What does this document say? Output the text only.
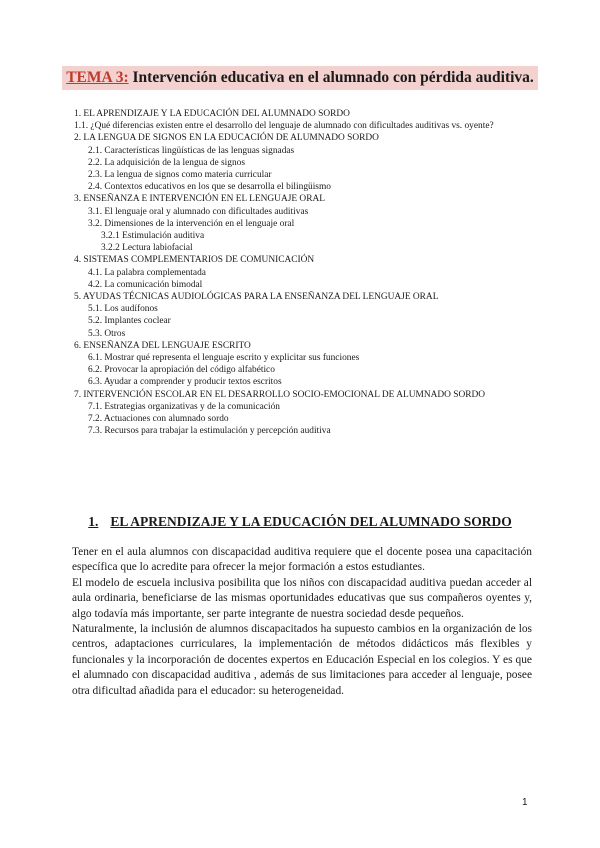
TEMA 3: Intervención educativa en el alumnado con pérdida auditiva.
1. EL APRENDIZAJE Y LA EDUCACIÓN DEL ALUMNADO SORDO
1.1. ¿Qué diferencias existen entre el desarrollo del lenguaje de alumnado con dificultades auditivas vs. oyente?
2. LA LENGUA DE SIGNOS EN LA EDUCACIÓN DE ALUMNADO SORDO
2.1. Características lingüísticas de las lenguas signadas
2.2. La adquisición de la lengua de signos
2.3. La lengua de signos como materia curricular
2.4. Contextos educativos en los que se desarrolla el bilingüismo
3. ENSEÑANZA E INTERVENCIÓN EN EL LENGUAJE ORAL
3.1. El lenguaje oral y alumnado con dificultades auditivas
3.2. Dimensiones de la intervención en el lenguaje oral
3.2.1 Estimulación auditiva
3.2.2 Lectura labiofacial
4. SISTEMAS COMPLEMENTARIOS DE COMUNICACIÓN
4.1. La palabra complementada
4.2. La comunicación bimodal
5. AYUDAS TÉCNICAS AUDIOLÓGICAS PARA LA ENSEÑANZA DEL LENGUAJE ORAL
5.1. Los audífonos
5.2. Implantes coclear
5.3. Otros
6. ENSEÑANZA DEL LENGUAJE ESCRITO
6.1. Mostrar qué representa el lenguaje escrito y explicitar sus funciones
6.2. Provocar la apropiación del código alfabético
6.3. Ayudar a comprender y producir textos escritos
7. INTERVENCIÓN ESCOLAR EN EL DESARROLLO SOCIO-EMOCIONAL DE ALUMNADO SORDO
7.1. Estrategias organizativas y de la comunicación
7.2. Actuaciones con alumnado sordo
7.3. Recursos para trabajar la estimulación y percepción auditiva
1. EL APRENDIZAJE Y LA EDUCACIÓN DEL ALUMNADO SORDO

Tener en el aula alumnos con discapacidad auditiva requiere que el docente posea una capacitación específica que lo acredite para ofrecer la mejor formación a estos estudiantes.

El modelo de escuela inclusiva posibilita que los niños con discapacidad auditiva puedan acceder al aula ordinaria, beneficiarse de las mismas oportunidades educativas que sus compañeros oyentes y, algo todavía más importante, ser parte integrante de nuestra sociedad desde pequeños.

Naturalmente, la inclusión de alumnos discapacitados ha supuesto cambios en la organización de los centros, adaptaciones curriculares, la implementación de métodos didácticos más flexibles y funcionales y la incorporación de docentes expertos en Educación Especial en los colegios. Y es que el alumnado con discapacidad auditiva , además de sus limitaciones para acceder al lenguaje, posee otra dificultad añadida para el educador: su heterogeneidad.

1
